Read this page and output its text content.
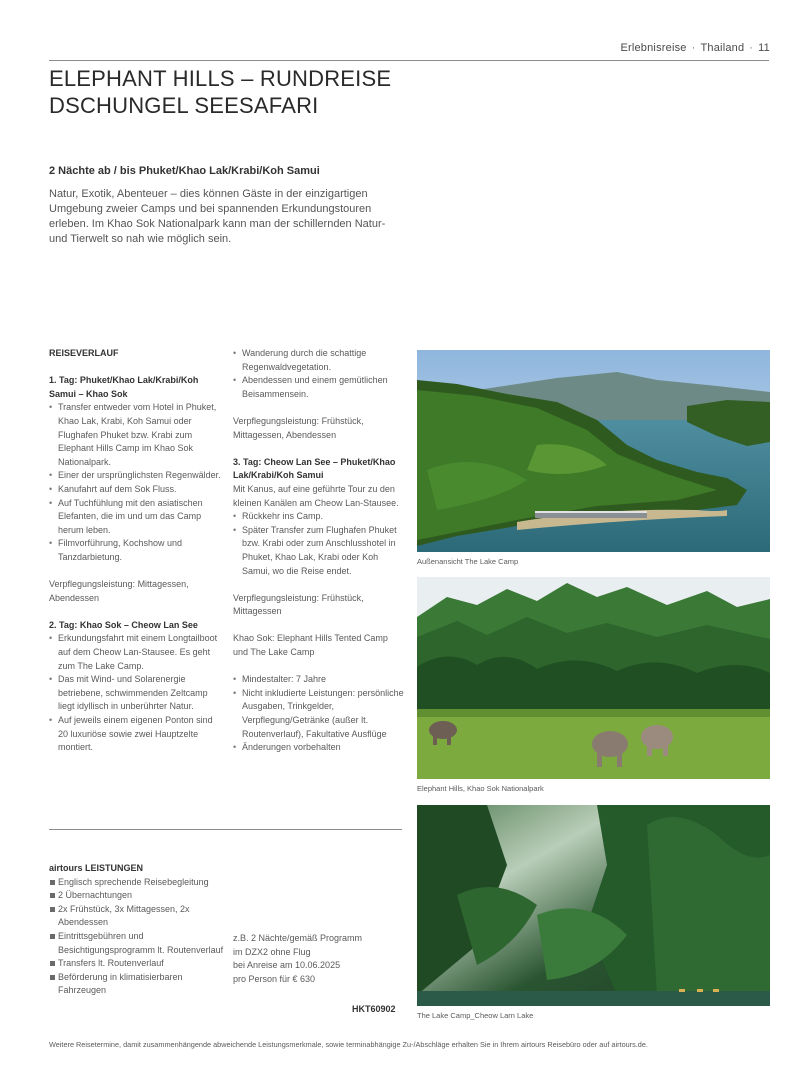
Erlebnisreise · Thailand · 11
ELEPHANT HILLS – RUNDREISE
DSCHUNGEL SEESAFARI
2 Nächte ab / bis Phuket/Khao Lak/Krabi/Koh Samui
Natur, Exotik, Abenteuer – dies können Gäste in der einzigartigen Umgebung zweier Camps und bei spannenden Erkundungstouren erleben. Im Khao Sok Nationalpark kann man der schillernden Natur- und Tierwelt so nah wie möglich sein.

REISEVERLAUF

1. Tag: Phuket/Khao Lak/Krabi/Koh Samui – Khao Sok

• Transfer entweder vom Hotel in Phuket, Khao Lak, Krabi, Koh Samui oder Flughafen Phuket bzw. Krabi zum Elephant Hills Camp im Khao Sok Nationalpark.
• Einer der ursprünglichsten Regenwälder.
• Kanufahrt auf dem Sok Fluss.
• Auf Tuchfühlung mit den asiatischen Elefanten, die im und um das Camp herum leben.
• Filmvorführung, Kochshow und Tanzdarbietung.

Verpflegungsleistung: Mittagessen, Abendessen

2. Tag: Khao Sok – Cheow Lan See

• Erkundungsfahrt mit einem Longtailboot auf dem Cheow Lan-Stausee. Es geht zum The Lake Camp.
• Das mit Wind- und Solarenergie betriebene, schwimmenden Zeltcamp liegt idyllisch in unberührter Natur.
• Auf jeweils einem eigenen Ponton sind 20 luxuriöse sowie zwei Hauptzelte montiert.
• Wanderung durch die schattige Regenwaldvegetation.
• Abendessen und einem gemütlichen Beisammensein.

Verpflegungsleistung: Frühstück, Mittagessen, Abendessen

3. Tag: Cheow Lan See – Phuket/Khao Lak/Krabi/Koh Samui

Mit Kanus, auf eine geführte Tour zu den kleinen Kanälen am Cheow Lan-Stausee.

• Rückkehr ins Camp.
• Später Transfer zum Flughafen Phuket bzw. Krabi oder zum Anschlusshotel in Phuket, Khao Lak, Krabi oder Koh Samui, wo die Reise endet.

Verpflegungsleistung: Frühstück, Mittagessen

Khao Sok: Elephant Hills Tented Camp und The Lake Camp

• Mindestalter: 7 Jahre
• Nicht inkludierte Leistungen: persönliche Ausgaben, Trinkgelder, Verpflegung/Getränke (außer lt. Routenverlauf), Fakultative Ausflüge
• Änderungen vorbehalten
airtours LEISTUNGEN
Englisch sprechende Reisebegleitung
2 Übernachtungen
2x Frühstück, 3x Mittagessen, 2x Abendessen
Eintrittsgebühren und Besichtigungsprogramm lt. Routenverlauf
Transfers lt. Routenverlauf
Beförderung in klimatisierbaren Fahrzeugen
z.B. 2 Nächte/gemäß Programm
im DZX2 ohne Flug
bei Anreise am 10.06.2025
pro Person für € 630
HKT60902
Außenansicht The Lake Camp
Elephant Hills, Khao Sok Nationalpark
The Lake Camp_Cheow Larn Lake
Weitere Reisetermine, damit zusammenhängende abweichende Leistungsmerkmale, sowie terminabhängige Zu-/Abschläge erhalten Sie in Ihrem airtours Reisebüro oder auf airtours.de.
